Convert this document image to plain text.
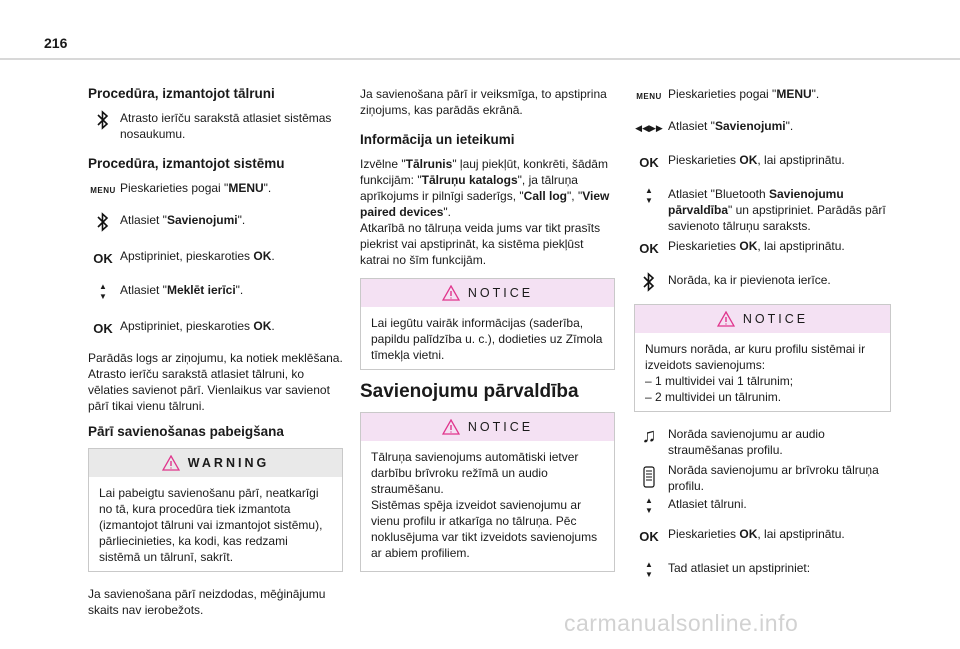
216
Procedūra, izmantojot tālruni
Atrasto ierīču sarakstā atlasiet sistēmas nosaukumu.
Procedūra, izmantojot sistēmu
MENU Pieskarieties pogai "MENU".
Atlasiet "Savienojumi".
OK Apstipriniet, pieskaroties OK.
▲
▼ Atlasiet "Meklēt ierīci".
OK Apstipriniet, pieskaroties OK.

Parādās logs ar ziņojumu, ka notiek meklēšana. Atrasto ierīču sarakstā atlasiet tālruni, ko vēlaties savienot pārī. Vienlaikus var savienot pārī tikai vienu tālruni.

Pārī savienošanas pabeigšana
WARNING
Lai pabeigtu savienošanu pārī, neatkarīgi no tā, kura procedūra tiek izmantota (izmantojot tālruni vai izmantojot sistēmu), pārliecinieties, ka kodi, kas redzami sistēmā un tālrunī, sakrīt.

Ja savienošana pārī neizdodas, mēģinājumu skaits nav ierobežots.

Ja savienošana pārī ir veiksmīga, to apstiprina ziņojums, kas parādās ekrānā.

Informācija un ieteikumi

Izvēlne "Tālrunis" ļauj piekļūt, konkrēti, šādām funkcijām: "Tālruņu katalogs", ja tālruņa aprīkojums ir pilnīgi saderīgs, "Call log", "View paired devices".

Atkarībā no tālruņa veida jums var tikt prasīts piekrist vai apstiprināt, ka sistēma piekļūst katrai no šīm funkcijām.

NOTICE
Lai iegūtu vairāk informācijas (saderība, papildu palīdzība u. c.), dodieties uz Zīmola tīmekļa vietni.
Savienojumu pārvaldība
NOTICE
Tālruņa savienojums automātiski ietver darbību brīvroku režīmā un audio straumēšanu.
Sistēmas spēja izveidot savienojumu ar vienu profilu ir atkarīga no tālruņa. Pēc noklusējuma var tikt izveidots savienojums ar abiem profiliem.
MENU Pieskarieties pogai "MENU".
◀◀▶▶ Atlasiet "Savienojumi".
OK Pieskarieties OK, lai apstiprinātu.
▲
▼ Atlasiet "Bluetooth Savienojumu pārvaldība" un apstipriniet. Parādās pārī savienoto tālruņu saraksts.
OK Pieskarieties OK, lai apstiprinātu.
Norāda, ka ir pievienota ierīce.
NOTICE
Numurs norāda, ar kuru profilu sistēmai ir izveidots savienojums:
– 1 multividei vai 1 tālrunim;
– 2 multividei un tālrunim.
♫ Norāda savienojumu ar audio straumēšanas profilu.
Norāda savienojumu ar brīvroku tālruņa profilu.
▲
▼ Atlasiet tālruni.
OK Pieskarieties OK, lai apstiprinātu.
▲
▼ Tad atlasiet un apstipriniet:
carmanualsonline.info
